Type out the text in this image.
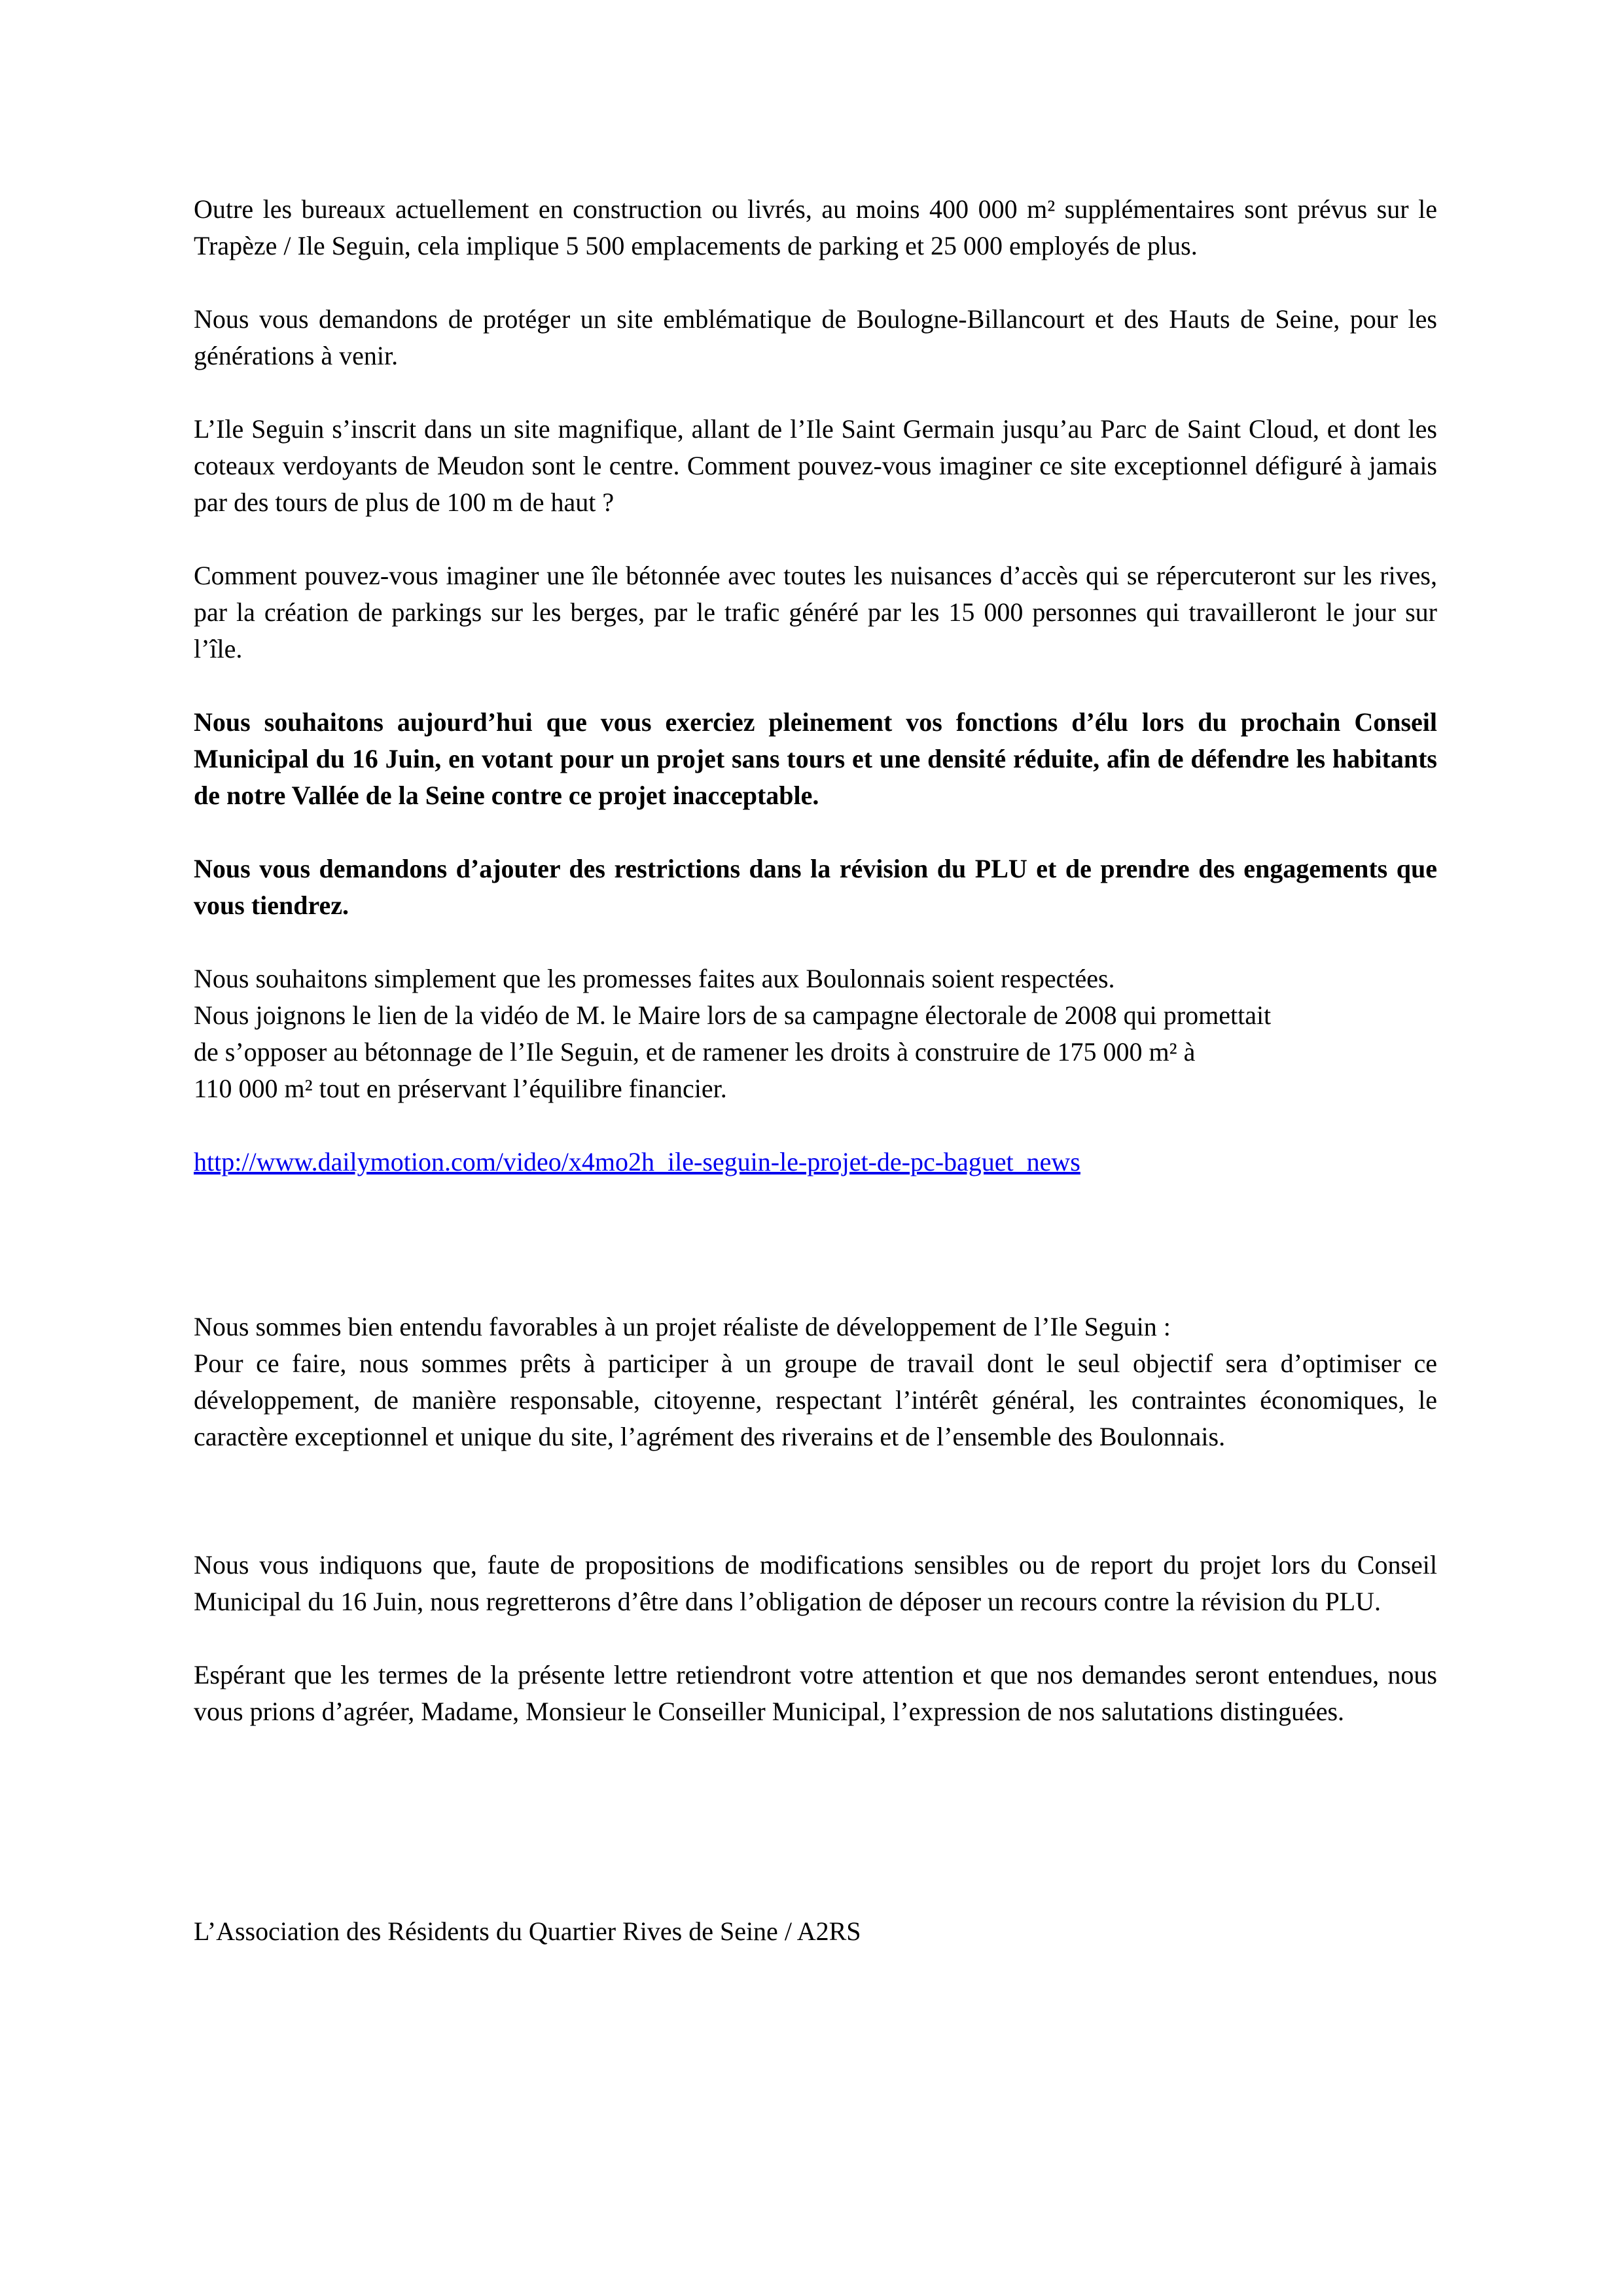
Outre les bureaux actuellement en construction ou livrés, au moins 400 000 m² supplémentaires sont prévus sur le Trapèze / Ile Seguin, cela implique 5 500 emplacements de parking et 25 000 employés de plus.

Nous vous demandons de protéger un site emblématique de Boulogne-Billancourt et des Hauts de Seine, pour les générations à venir.

L’Ile Seguin s’inscrit dans un site magnifique, allant de l’Ile Saint Germain jusqu’au Parc de Saint Cloud, et dont les coteaux verdoyants de Meudon sont le centre. Comment pouvez-vous imaginer ce site exceptionnel défiguré à jamais par des tours de plus de 100 m de haut ?

Comment pouvez-vous imaginer une île bétonnée avec toutes les nuisances d’accès qui se répercuteront sur les rives, par la création de parkings sur les berges, par le trafic généré par les 15 000 personnes qui travailleront le jour sur l’île.

Nous souhaitons aujourd’hui que vous exerciez pleinement vos fonctions d’élu lors du prochain Conseil Municipal du 16 Juin, en votant pour un projet sans tours et une densité réduite, afin de défendre les habitants de notre Vallée de la Seine contre ce projet inacceptable.

Nous vous demandons d’ajouter des restrictions dans la révision du PLU et de prendre des engagements que vous tiendrez.

Nous souhaitons simplement que les promesses faites aux Boulonnais soient respectées.
Nous joignons le lien de la vidéo de M. le Maire lors de sa campagne électorale de 2008 qui promettait
de s’opposer au bétonnage de l’Ile Seguin, et de ramener les droits à construire de 175 000 m² à
110 000 m² tout en préservant l’équilibre financier.

http://www.dailymotion.com/video/x4mo2h_ile-seguin-le-projet-de-pc-baguet_news

Nous sommes bien entendu favorables à un projet réaliste de développement de l’Ile Seguin :

Pour ce faire, nous sommes prêts à participer à un groupe de travail dont le seul objectif sera d’optimiser ce développement, de manière responsable, citoyenne, respectant l’intérêt général, les contraintes économiques, le caractère exceptionnel et unique du site, l’agrément des riverains et de l’ensemble des Boulonnais.

Nous vous indiquons que, faute de propositions de modifications sensibles ou de report du projet lors du Conseil Municipal du 16 Juin, nous regretterons d’être dans l’obligation de déposer un recours contre la révision du PLU.

Espérant que les termes de la présente lettre retiendront votre attention et que nos demandes seront entendues, nous vous prions d’agréer, Madame, Monsieur le Conseiller Municipal, l’expression de nos salutations distinguées.

L’Association des Résidents du Quartier Rives de Seine / A2RS
